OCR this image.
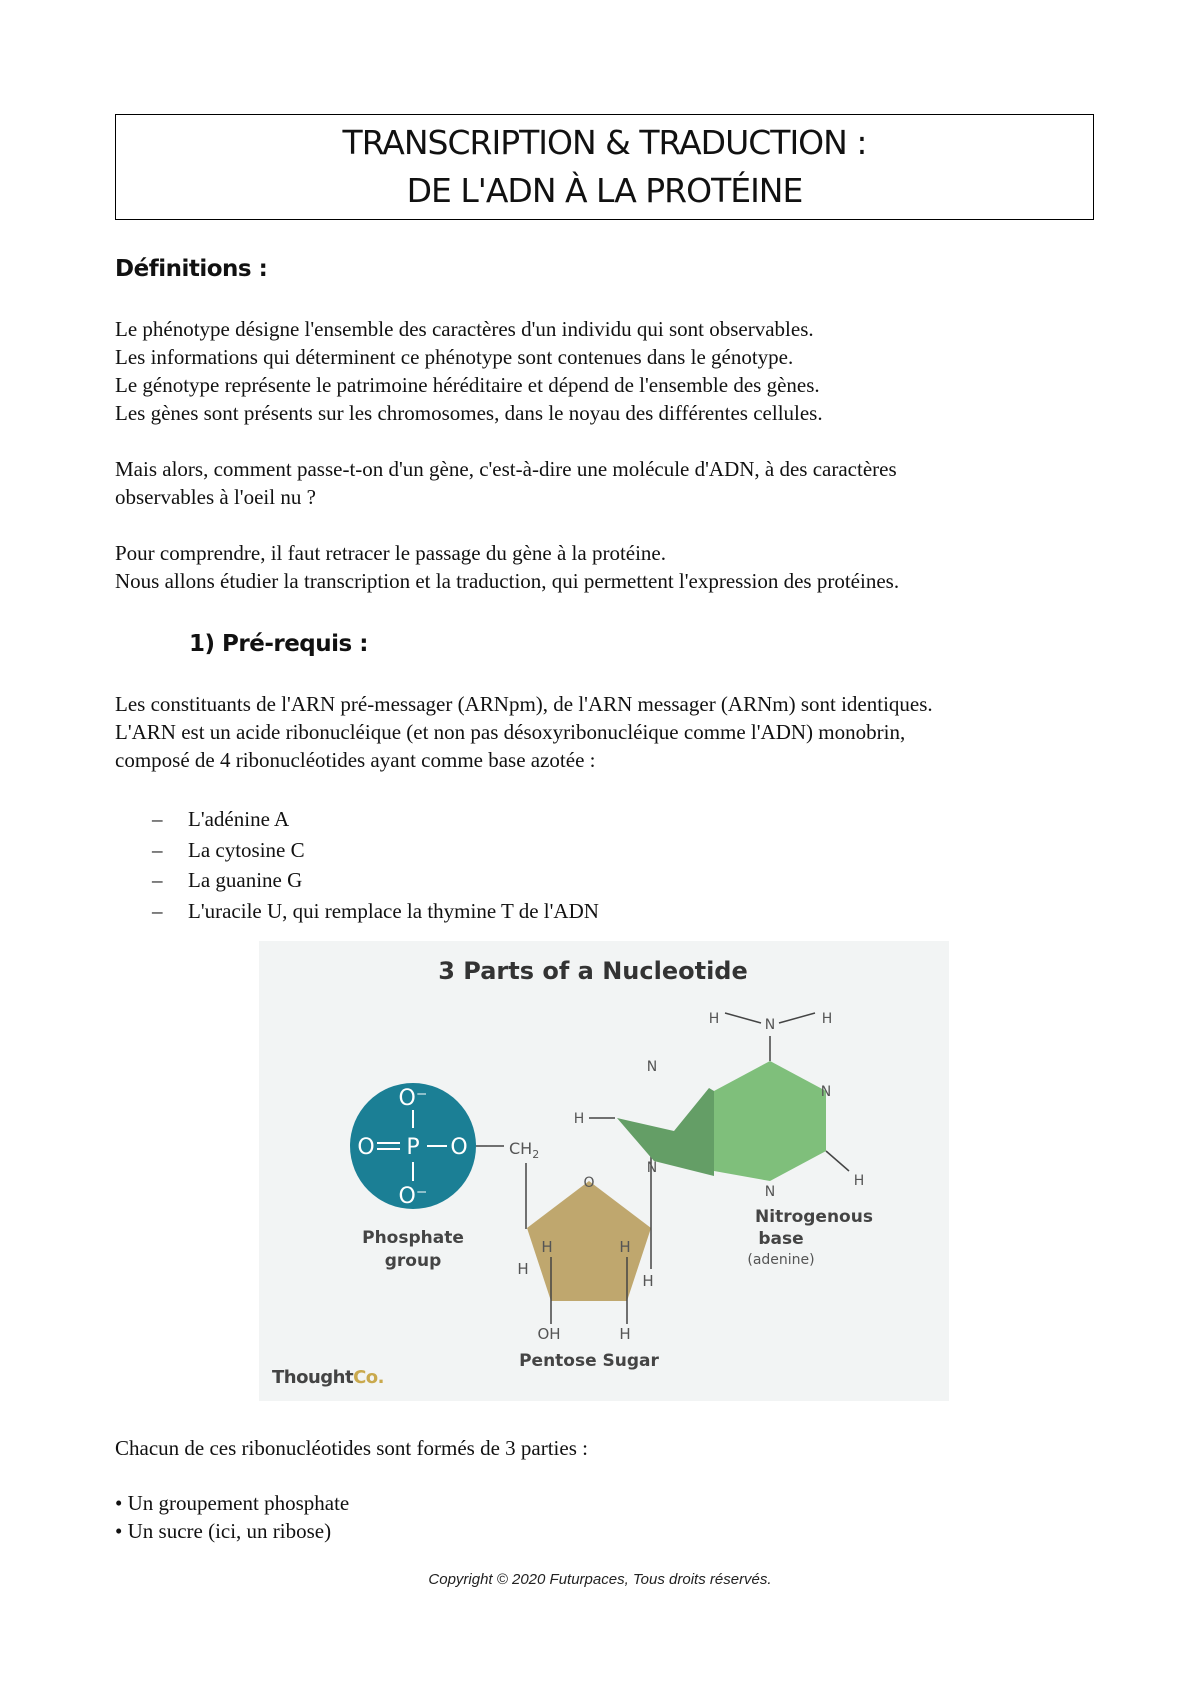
TRANSCRIPTION & TRADUCTION :
DE L'ADN À LA PROTÉINE
Définitions :
Le phénotype désigne l'ensemble des caractères d'un individu qui sont observables.
Les informations qui déterminent ce phénotype sont contenues dans le génotype.
Le génotype représente le patrimoine héréditaire et dépend de l'ensemble des gènes.
Les gènes sont présents sur les chromosomes, dans le noyau des différentes cellules.
Mais alors, comment passe-t-on d'un gène, c'est-à-dire une molécule d'ADN, à des caractères
observables à l'oeil nu ?
Pour comprendre, il faut retracer le passage du gène à la protéine.
Nous allons étudier la transcription et la traduction, qui permettent l'expression des protéines.
1) Pré-requis :
Les constituants de l'ARN pré-messager (ARNpm), de l'ARN messager (ARNm) sont identiques.
L'ARN est un acide ribonucléique (et non pas désoxyribonucléique comme l'ADN) monobrin,
composé de 4 ribonucléotides ayant comme base azotée :
– L'adénine A
– La cytosine C
– La guanine G
– L'uracile U, qui remplace la thymine T de l'ADN
3 Parts of a Nucleotide
O⁻
O P O
O⁻
$CH_2$
Phosphate
group
O
H	H
H
H
OH	H
Pentose Sugar
N
N
N
N
N
H	H
H
H
Nitrogenous
base
(adenine)
ThoughtCo.
Chacun de ces ribonucléotides sont formés de 3 parties :
• Un groupement phosphate
• Un sucre (ici, un ribose)
Copyright © 2020 Futurpaces, Tous droits réservés.
